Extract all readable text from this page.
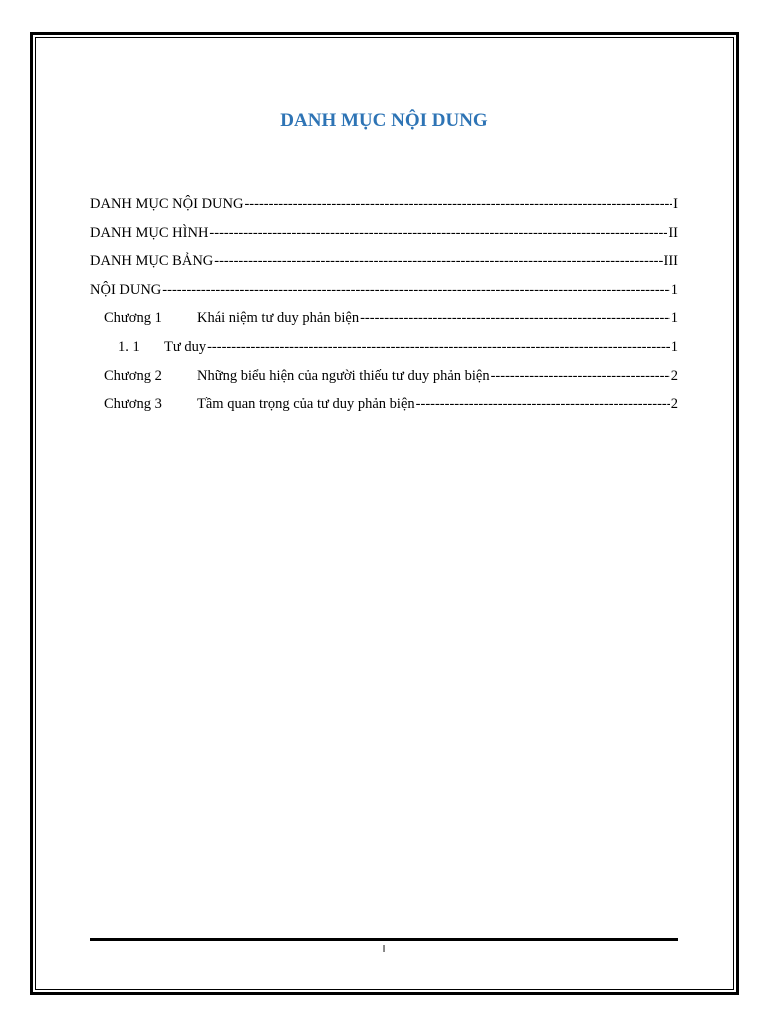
DANH MỤC NỘI DUNG
DANH MỤC NỘI DUNG -----	I
DANH MỤC HÌNH -----	II
DANH MỤC BẢNG -----	III
NỘI DUNG -----	1
Chương 1	Khái niệm tư duy phản biện -----	1
1. 1	Tư duy -----	1
Chương 2	Những biểu hiện của người thiếu tư duy phản biện -----	2
Chương 3	Tầm quan trọng của tư duy phản biện -----	2
I
